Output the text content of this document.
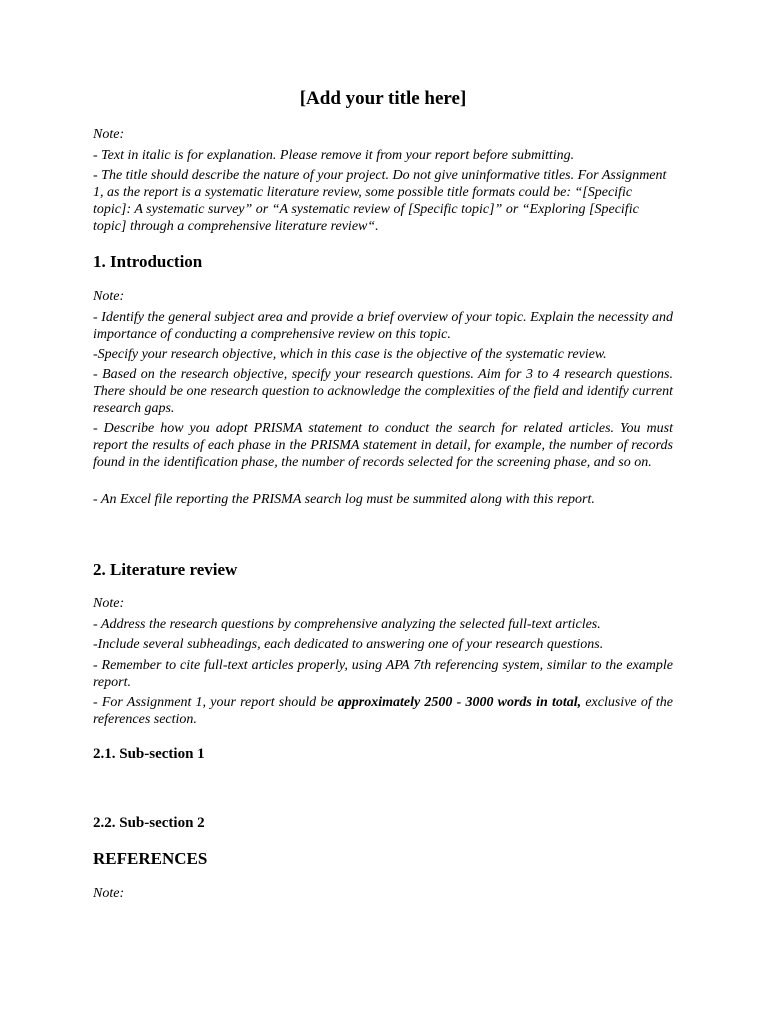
[Add your title here]

Note:

- Text in italic is for explanation. Please remove it from your report before submitting.

- The title should describe the nature of your project. Do not give uninformative titles. For Assignment 1, as the report is a systematic literature review, some possible title formats could be: “[Specific topic]: A systematic survey” or “A systematic review of [Specific topic]” or “Exploring [Specific topic] through a comprehensive literature review“.

1. Introduction

Note:

- Identify the general subject area and provide a brief overview of your topic. Explain the necessity and importance of conducting a comprehensive review on this topic.

-Specify your research objective, which in this case is the objective of the systematic review.

- Based on the research objective, specify your research questions. Aim for 3 to 4 research questions. There should be one research question to acknowledge the complexities of the field and identify current research gaps.

- Describe how you adopt PRISMA statement to conduct the search for related articles. You must report the results of each phase in the PRISMA statement in detail, for example, the number of records found in the identification phase, the number of records selected for the screening phase, and so on.

- An Excel file reporting the PRISMA search log must be summited along with this report.

2. Literature review

Note:

- Address the research questions by comprehensive analyzing the selected full-text articles.

-Include several subheadings, each dedicated to answering one of your research questions.

- Remember to cite full-text articles properly, using APA 7th referencing system, similar to the example report.

- For Assignment 1, your report should be approximately 2500 - 3000 words in total, exclusive of the references section.

2.1. Sub-section 1
2.2. Sub-section 2
REFERENCES

Note:
